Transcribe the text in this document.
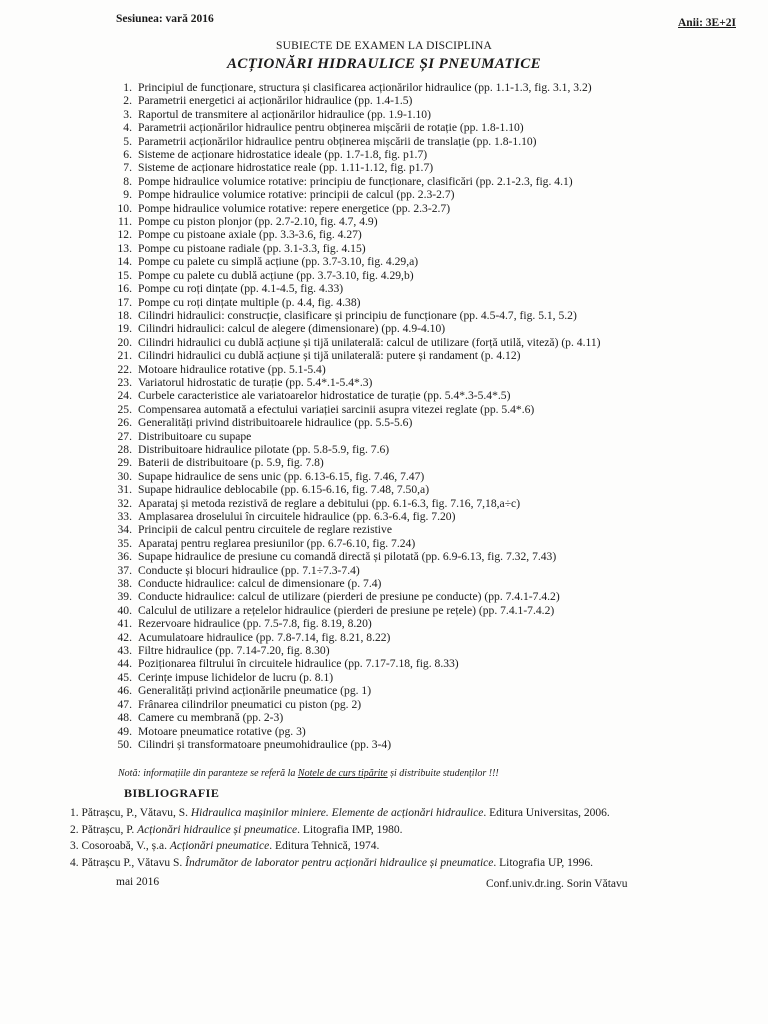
Sesiunea: vară 2016	Anii: 3E+2I
SUBIECTE DE EXAMEN LA DISCIPLINA
ACȚIONĂRI HIDRAULICE ȘI PNEUMATICE
1. Principiul de funcționare, structura și clasificarea acționărilor hidraulice (pp. 1.1-1.3, fig. 3.1, 3.2)
2. Parametrii energetici ai acționărilor hidraulice (pp. 1.4-1.5)
3. Raportul de transmitere al acționărilor hidraulice (pp. 1.9-1.10)
4. Parametrii acționărilor hidraulice pentru obținerea mișcării de rotație (pp. 1.8-1.10)
5. Parametrii acționărilor hidraulice pentru obținerea mișcării de translație (pp. 1.8-1.10)
6. Sisteme de acționare hidrostatice ideale (pp. 1.7-1.8, fig. p1.7)
7. Sisteme de acționare hidrostatice reale (pp. 1.11-1.12, fig. p1.7)
8. Pompe hidraulice volumice rotative: principiu de funcționare, clasificări (pp. 2.1-2.3, fig. 4.1)
9. Pompe hidraulice volumice rotative: principii de calcul (pp. 2.3-2.7)
10. Pompe hidraulice volumice rotative: repere energetice (pp. 2.3-2.7)
11. Pompe cu piston plonjor (pp. 2.7-2.10, fig. 4.7, 4.9)
12. Pompe cu pistoane axiale (pp. 3.3-3.6, fig. 4.27)
13. Pompe cu pistoane radiale (pp. 3.1-3.3, fig. 4.15)
14. Pompe cu palete cu simplă acțiune (pp. 3.7-3.10, fig. 4.29,a)
15. Pompe cu palete cu dublă acțiune (pp. 3.7-3.10, fig. 4.29,b)
16. Pompe cu roți dințate (pp. 4.1-4.5, fig. 4.33)
17. Pompe cu roți dințate multiple (p. 4.4, fig. 4.38)
18. Cilindri hidraulici: construcție, clasificare și principiu de funcționare (pp. 4.5-4.7, fig. 5.1, 5.2)
19. Cilindri hidraulici: calcul de alegere (dimensionare) (pp. 4.9-4.10)
20. Cilindri hidraulici cu dublă acțiune și tijă unilaterală: calcul de utilizare (forță utilă, viteză) (p. 4.11)
21. Cilindri hidraulici cu dublă acțiune și tijă unilaterală: putere și randament (p. 4.12)
22. Motoare hidraulice rotative (pp. 5.1-5.4)
23. Variatorul hidrostatic de turație (pp. 5.4*.1-5.4*.3)
24. Curbele caracteristice ale variatoarelor hidrostatice de turație (pp. 5.4*.3-5.4*.5)
25. Compensarea automată a efectului variației sarcinii asupra vitezei reglate (pp. 5.4*.6)
26. Generalități privind distribuitoarele hidraulice (pp. 5.5-5.6)
27. Distribuitoare cu supape
28. Distribuitoare hidraulice pilotate (pp. 5.8-5.9, fig. 7.6)
29. Baterii de distribuitoare (p. 5.9, fig. 7.8)
30. Supape hidraulice de sens unic (pp. 6.13-6.15, fig. 7.46, 7.47)
31. Supape hidraulice deblocabile (pp. 6.15-6.16, fig. 7.48, 7.50,a)
32. Aparataj și metoda rezistivă de reglare a debitului (pp. 6.1-6.3, fig. 7.16, 7,18,a÷c)
33. Amplasarea droselului în circuitele hidraulice (pp. 6.3-6.4, fig. 7.20)
34. Principii de calcul pentru circuitele de reglare rezistive
35. Aparataj pentru reglarea presiunilor (pp. 6.7-6.10, fig. 7.24)
36. Supape hidraulice de presiune cu comandă directă și pilotată (pp. 6.9-6.13, fig. 7.32, 7.43)
37. Conducte și blocuri hidraulice (pp. 7.1÷7.3-7.4)
38. Conducte hidraulice: calcul de dimensionare (p. 7.4)
39. Conducte hidraulice: calcul de utilizare (pierderi de presiune pe conducte) (pp. 7.4.1-7.4.2)
40. Calculul de utilizare a rețelelor hidraulice (pierderi de presiune pe rețele) (pp. 7.4.1-7.4.2)
41. Rezervoare hidraulice (pp. 7.5-7.8, fig. 8.19, 8.20)
42. Acumulatoare hidraulice (pp. 7.8-7.14, fig. 8.21, 8.22)
43. Filtre hidraulice (pp. 7.14-7.20, fig. 8.30)
44. Poziționarea filtrului în circuitele hidraulice (pp. 7.17-7.18, fig. 8.33)
45. Cerințe impuse lichidelor de lucru (p. 8.1)
46. Generalități privind acționările pneumatice (pg. 1)
47. Frânarea cilindrilor pneumatici cu piston (pg. 2)
48. Camere cu membrană (pp. 2-3)
49. Motoare pneumatice rotative (pg. 3)
50. Cilindri și transformatoare pneumohidraulice (pp. 3-4)
Notă: informațiile din paranteze se referă la Notele de curs tipărite și distribuite studenților !!!
BIBLIOGRAFIE
1. Pătrașcu, P., Vătavu, S. Hidraulica mașinilor miniere. Elemente de acționări hidraulice. Editura Universitas, 2006.
2. Pătrașcu, P. Acționări hidraulice și pneumatice. Litografia IMP, 1980.
3. Cosoroabă, V., ș.a. Acționări pneumatice. Editura Tehnică, 1974.
4. Pătrașcu P., Vătavu S. Îndrumător de laborator pentru acționări hidraulice și pneumatice. Litografia UP, 1996.
mai 2016	Conf.univ.dr.ing. Sorin Vătavu
